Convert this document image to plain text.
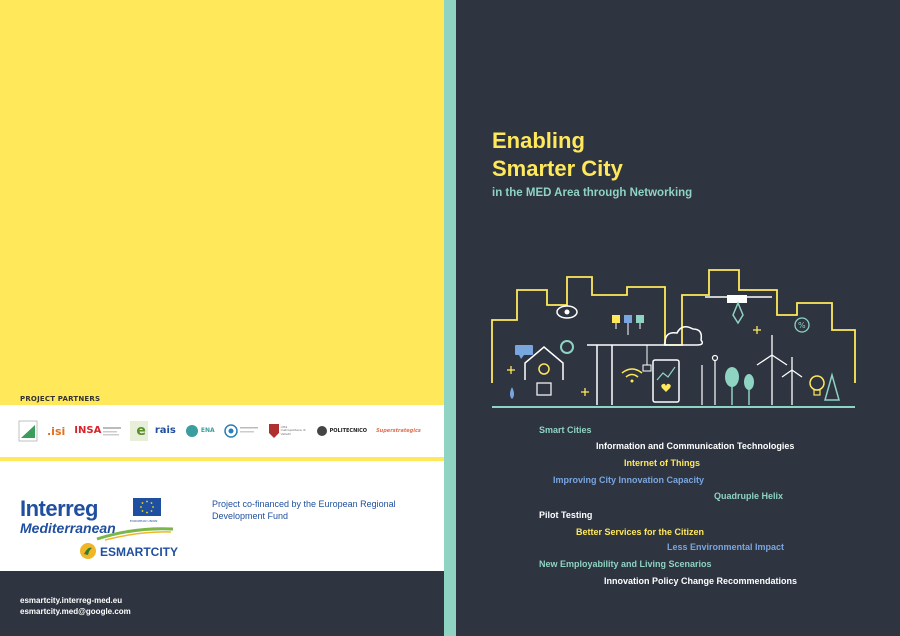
PROJECT PARTNERS
.isi INSA	e rais	ENA	città metropolitana di Velletri
POLITECNICO Superstrategics
Interreg	EUROPEAN UNION
Mediterranean
ESMARTCITY
Project co-financed by the European Regional Development Fund
esmartcity.interreg-med.eu
esmartcity.med@google.com
Enabling
Smarter City
in the MED Area through Networking
%
Smart Cities
Information and Communication Technologies
Internet of Things
Improving City Innovation Capacity
Quadruple Helix
Pilot Testing
Better Services for the Citizen
Less Environmental Impact
New Employability and Living Scenarios
Innovation Policy Change Recommendations
